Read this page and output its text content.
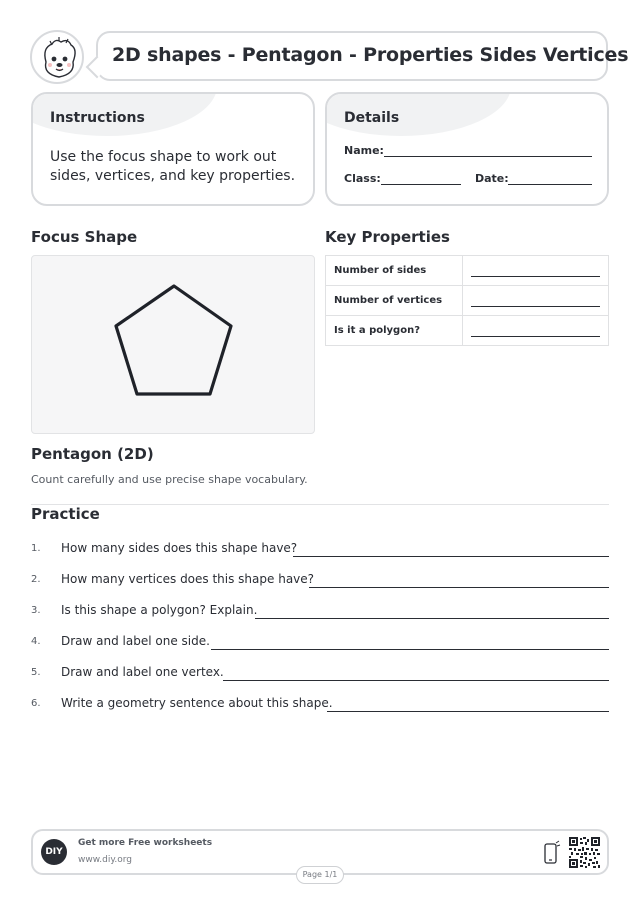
2D shapes - Pentagon - Properties Sides Vertices
Instructions
Use the focus shape to work out sides, vertices, and key properties.
Details
Name:
Class:	Date:
Focus Shape	Key Properties
Number of sides	

Number of vertices	

Is it a polygon?	
Pentagon (2D)
Count carefully and use precise shape vocabulary.
Practice
1. How many sides does this shape have?
2. How many vertices does this shape have?
3. Is this shape a polygon? Explain.
4. Draw and label one side.
5. Draw and label one vertex.
6. Write a geometry sentence about this shape.
DIY
Get more Free worksheets
www.diy.org
Page 1/1
